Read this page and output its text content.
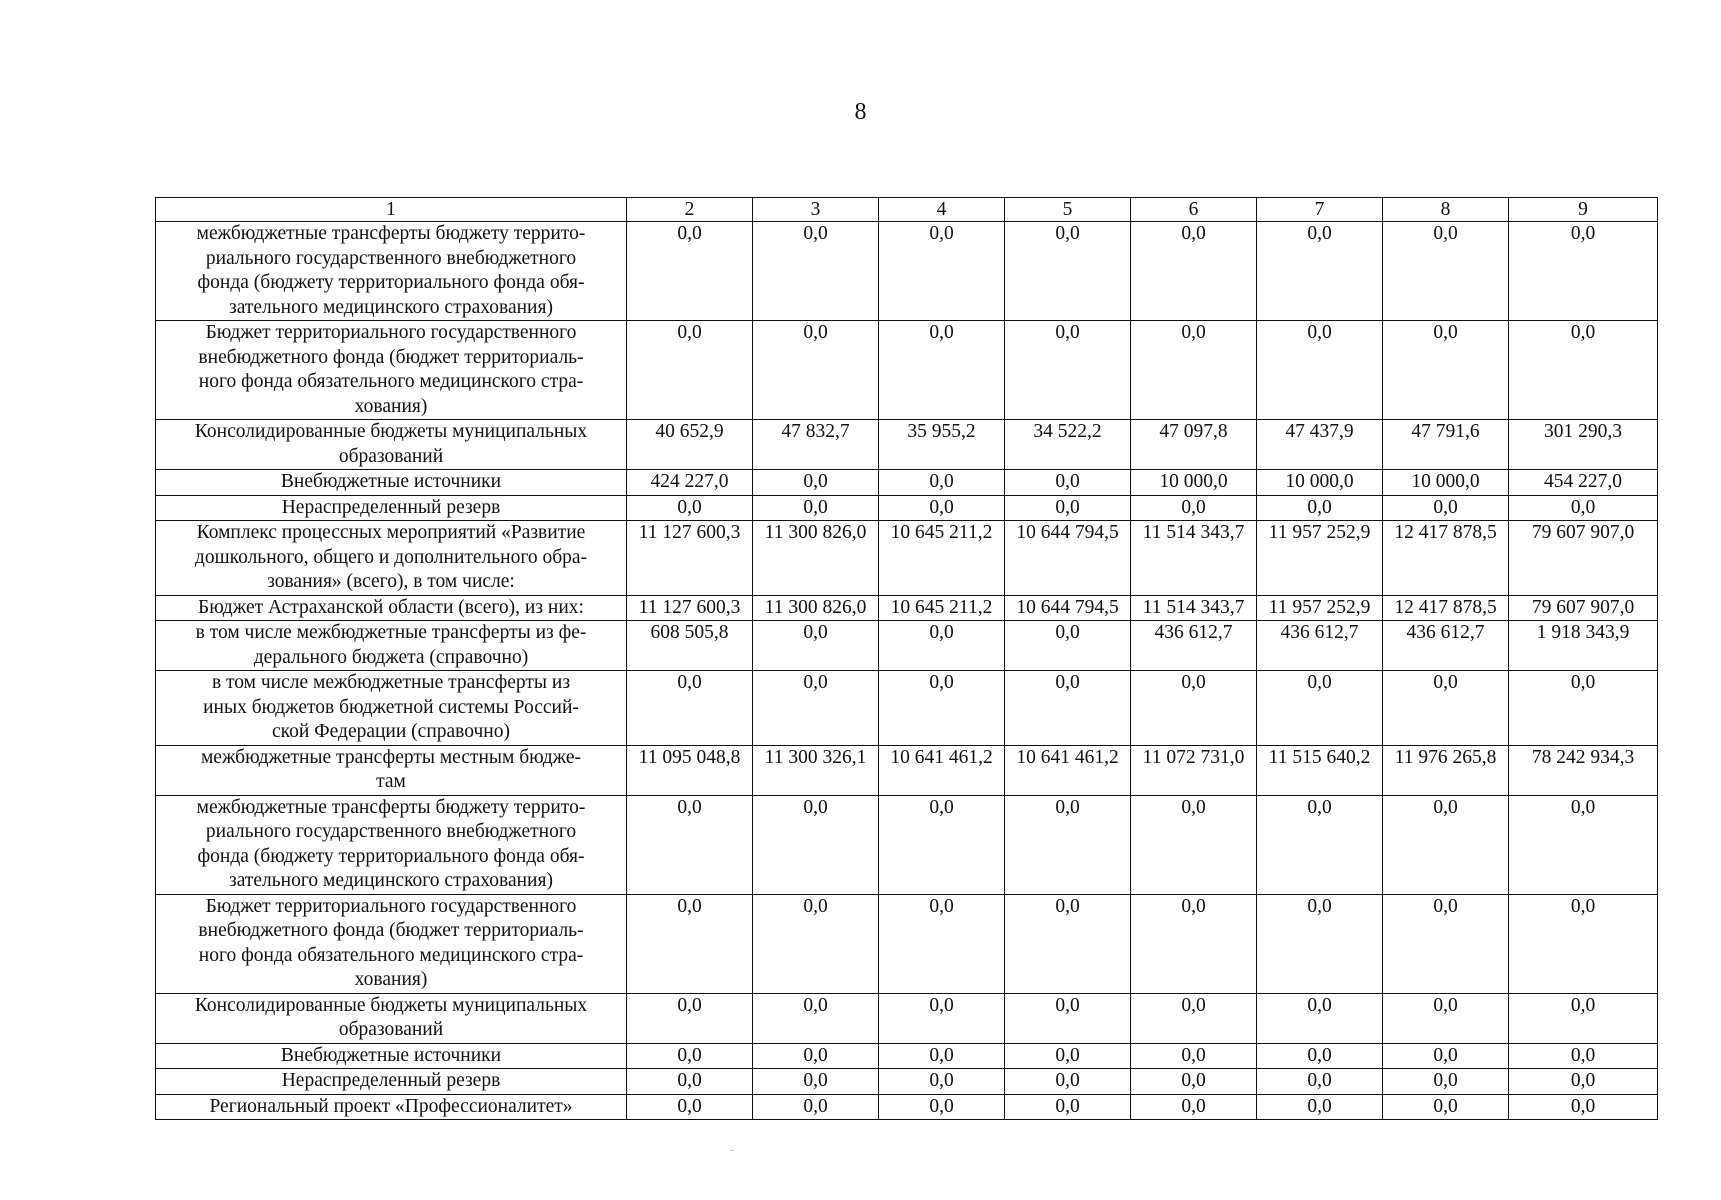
8
1	2	3	4	5	6	7	8	9
межбюджетные трансферты бюджету террито-
риального государственного внебюджетного
фонда (бюджету территориального фонда обя-
зательного медицинского страхования)	0,0	0,0	0,0	0,0	0,0	0,0	0,0	0,0
Бюджет территориального государственного
внебюджетного фонда (бюджет территориаль-
ного фонда обязательного медицинского стра-
хования)	0,0	0,0	0,0	0,0	0,0	0,0	0,0	0,0
Консолидированные бюджеты муниципальных
образований	40 652,9	47 832,7	35 955,2	34 522,2	47 097,8	47 437,9	47 791,6	301 290,3
Внебюджетные источники	424 227,0	0,0	0,0	0,0	10 000,0	10 000,0	10 000,0	454 227,0
Нераспределенный резерв	0,0	0,0	0,0	0,0	0,0	0,0	0,0	0,0
Комплекс процессных мероприятий «Развитие
дошкольного, общего и дополнительного обра-
зования» (всего), в том числе:	11 127 600,3	11 300 826,0	10 645 211,2	10 644 794,5	11 514 343,7	11 957 252,9	12 417 878,5	79 607 907,0
Бюджет Астраханской области (всего), из них:	11 127 600,3	11 300 826,0	10 645 211,2	10 644 794,5	11 514 343,7	11 957 252,9	12 417 878,5	79 607 907,0
в том числе межбюджетные трансферты из фе-
дерального бюджета (справочно)	608 505,8	0,0	0,0	0,0	436 612,7	436 612,7	436 612,7	1 918 343,9
в том числе межбюджетные трансферты из
иных бюджетов бюджетной системы Россий-
ской Федерации (справочно)	0,0	0,0	0,0	0,0	0,0	0,0	0,0	0,0
межбюджетные трансферты местным бюдже-
там	11 095 048,8	11 300 326,1	10 641 461,2	10 641 461,2	11 072 731,0	11 515 640,2	11 976 265,8	78 242 934,3
межбюджетные трансферты бюджету террито-
риального государственного внебюджетного
фонда (бюджету территориального фонда обя-
зательного медицинского страхования)	0,0	0,0	0,0	0,0	0,0	0,0	0,0	0,0
Бюджет территориального государственного
внебюджетного фонда (бюджет территориаль-
ного фонда обязательного медицинского стра-
хования)	0,0	0,0	0,0	0,0	0,0	0,0	0,0	0,0
Консолидированные бюджеты муниципальных
образований	0,0	0,0	0,0	0,0	0,0	0,0	0,0	0,0
Внебюджетные источники	0,0	0,0	0,0	0,0	0,0	0,0	0,0	0,0
Нераспределенный резерв	0,0	0,0	0,0	0,0	0,0	0,0	0,0	0,0
Региональный проект «Профессионалитет»	0,0	0,0	0,0	0,0	0,0	0,0	0,0	0,0
